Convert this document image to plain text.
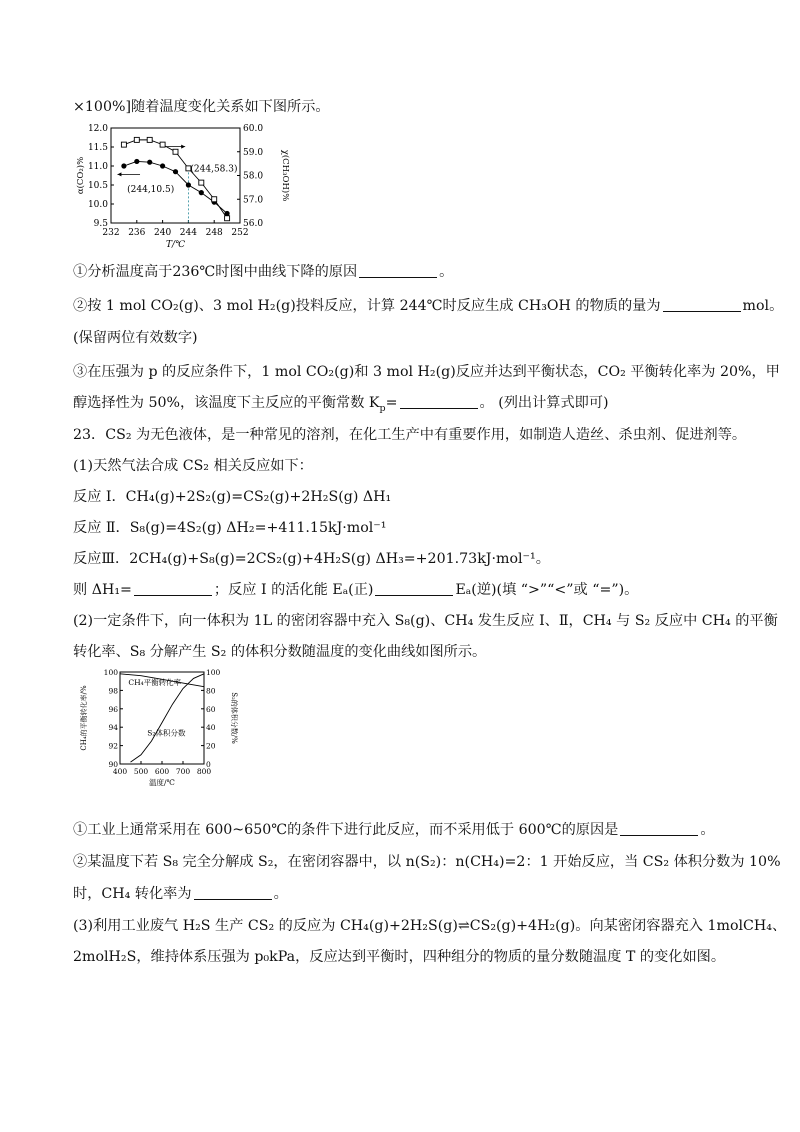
×100%]随着温度变化关系如下图所示。
232 236 240 244 248 252
9.5
10.0
10.5
11.0
11.5
12.0
56.0
57.0
58.0
59.0
60.0
T/℃
α(CO₂)%	χ(CH₃OH)%
(244,58.3)
(244,10.5)
①分析温度高于236℃时图中曲线下降的原因	。
②按 1 mol CO₂(g)、3 mol H₂(g)投料反应，计算 244℃时反应生成 CH₃OH 的物质的量为	mol。
(保留两位有效数字)
③在压强为 p 的反应条件下，1 mol CO₂(g)和 3 mol H₂(g)反应并达到平衡状态，CO₂ 平衡转化率为 20%，甲
醇选择性为 50%，该温度下主反应的平衡常数 $K_p=$	。 (列出计算式即可)
23．CS₂ 为无色液体，是一种常见的溶剂，在化工生产中有重要作用，如制造人造丝、杀虫剂、促进剂等。
(1)天然气法合成 CS₂ 相关反应如下：
反应 I．CH₄(g)+2S₂(g)=CS₂(g)+2H₂S(g) ΔH₁
反应 Ⅱ．S₈(g)=4S₂(g) ΔH₂=+411.15kJ·mol⁻¹
反应Ⅲ．2CH₄(g)+S₈(g)=2CS₂(g)+4H₂S(g) ΔH₃=+201.73kJ·mol⁻¹。
则 ΔH₁=	；反应 I 的活化能 Eₐ(正)	Eₐ(逆)(填 “>”“<”或 “=”)。
(2)一定条件下，向一体积为 1L 的密闭容器中充入 S₈(g)、CH₄ 发生反应 I、Ⅱ，CH₄ 与 S₂ 反应中 CH₄ 的平衡
转化率、S₈ 分解产生 S₂ 的体积分数随温度的变化曲线如图所示。
400 500 600 700 800
90
92
94
96
98
100
0
20
40
60
80
100
温度/℃
CH₄的平衡转化率/%	S₂的体积分数/%
CH₄平衡转化率
S₂体积分数
①工业上通常采用在 600~650℃的条件下进行此反应，而不采用低于 600℃的原因是	。
②某温度下若 S₈ 完全分解成 S₂，在密闭容器中，以 n(S₂)：n(CH₄)=2：1 开始反应，当 CS₂ 体积分数为 10%
时，CH₄ 转化率为	。
(3)利用工业废气 H₂S 生产 CS₂ 的反应为 CH₄(g)+2H₂S(g)⇌CS₂(g)+4H₂(g)。向某密闭容器充入 1molCH₄、
2molH₂S，维持体系压强为 p₀kPa，反应达到平衡时，四种组分的物质的量分数随温度 T 的变化如图。
